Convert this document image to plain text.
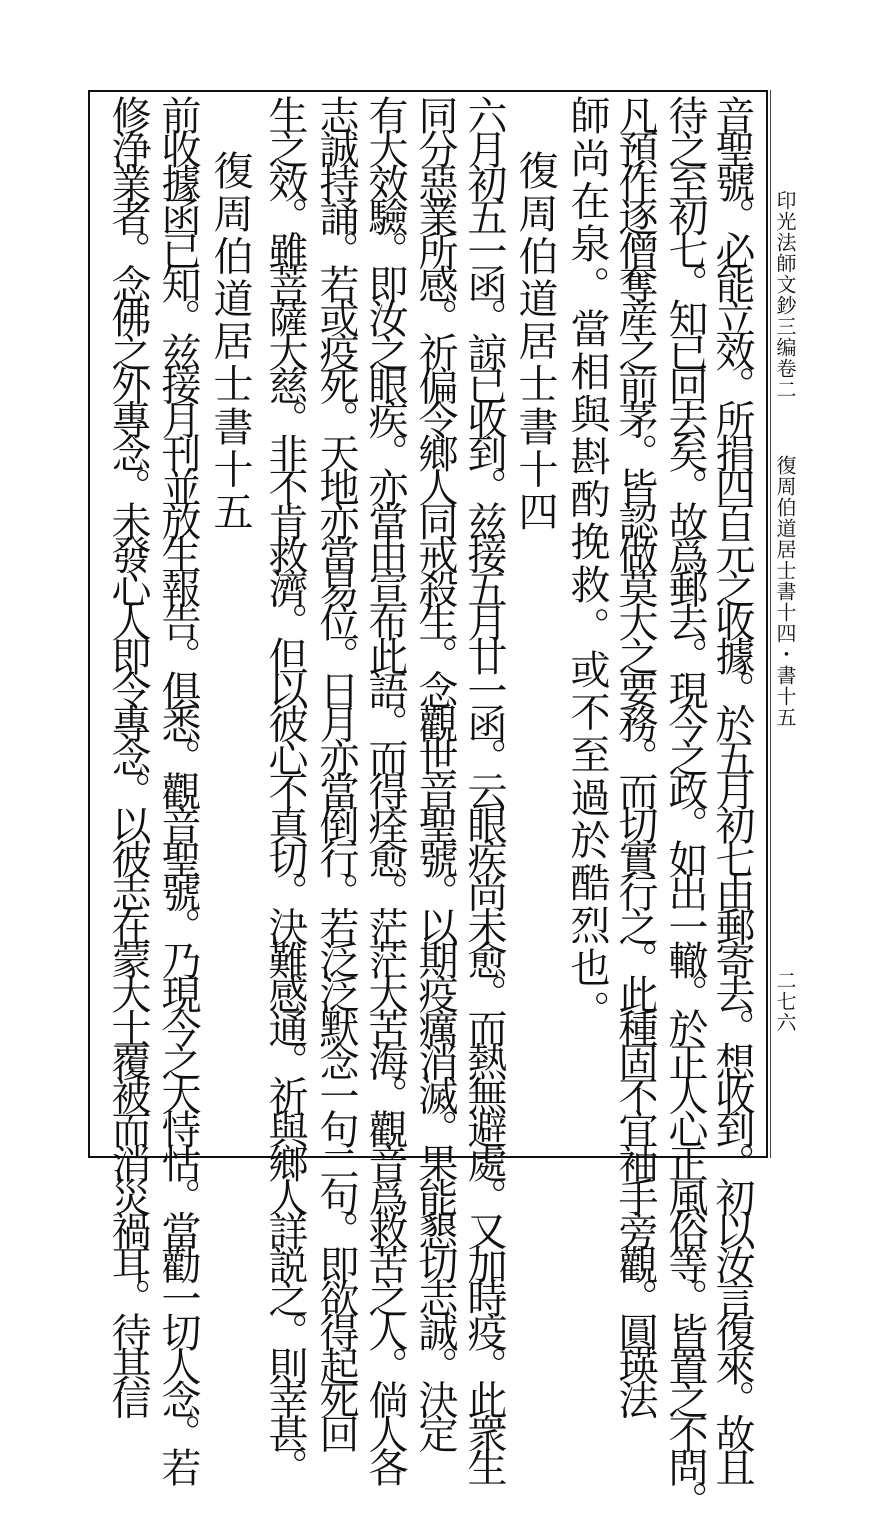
印光法師文鈔三编卷二
復周伯道居士書十四・書十五
二七六
音聖號。必能立效。所捐四百元之收據。於五月初七由郵寄去。想收到。初以汝言復來。故且
待之至初七。知已回去矣。故爲郵去。現今之政。如出一轍。於正人心正風俗等。皆置之不問。
凡預作逐僧奪産之前茅。皆認做莫大之要務。而切實行之。此種固不宜袖手旁觀。圓瑛法
師尚在泉。當相與斟酌挽救。或不至過於酷烈也。
復周伯道居士書十四
六月初五一函。諒已收到。兹接五月廿一函。云眼疾尚未愈。而熱無避處。又加時疫。此衆生
同分惡業所感。祈偏令鄉人同戒殺生。念觀世音聖號。以期疫癘消滅。果能懇切志誠。決定
有大效驗。即汝之眼疾。亦當由宣布此語。而得痊愈。茫茫大苦海。觀音爲救苦之人。倘人各
志誠持誦。若或疫死。天地亦當易位。日月亦當倒行。若泛泛默念一句二句。即欲得起死回
生之效。雖菩薩大慈。非不肯救濟。但以彼心不真切。決難感通。祈與鄉人詳説之。則幸甚。
復周伯道居士書十五
前收據函已知。兹接月刊並放生報告。俱悉。觀音聖號。乃現今之大恃怙。當勸一切人念。若
修浄業者。念佛之外專念。未發心人即令專念。以彼志在蒙大士覆被而消災禍耳。待其信
